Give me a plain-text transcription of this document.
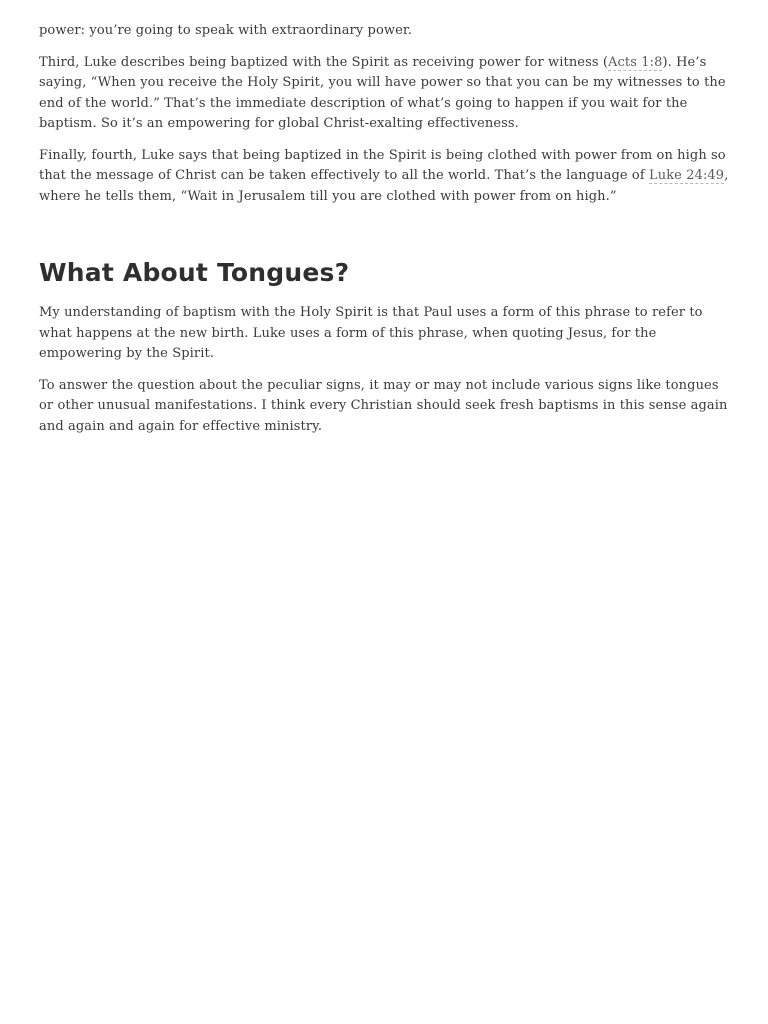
power: you’re going to speak with extraordinary power.

Third, Luke describes being baptized with the Spirit as receiving power for witness (Acts 1:8). He’s saying, “When you receive the Holy Spirit, you will have power so that you can be my witnesses to the end of the world.” That’s the immediate description of what’s going to happen if you wait for the baptism. So it’s an empowering for global Christ-exalting effectiveness.

Finally, fourth, Luke says that being baptized in the Spirit is being clothed with power from on high so that the message of Christ can be taken effectively to all the world. That’s the language of Luke 24:49, where he tells them, “Wait in Jerusalem till you are clothed with power from on high.”

What About Tongues?

My understanding of baptism with the Holy Spirit is that Paul uses a form of this phrase to refer to what happens at the new birth. Luke uses a form of this phrase, when quoting Jesus, for the empowering by the Spirit.

To answer the question about the peculiar signs, it may or may not include various signs like tongues or other unusual manifestations. I think every Christian should seek fresh baptisms in this sense again and again and again for effective ministry.
